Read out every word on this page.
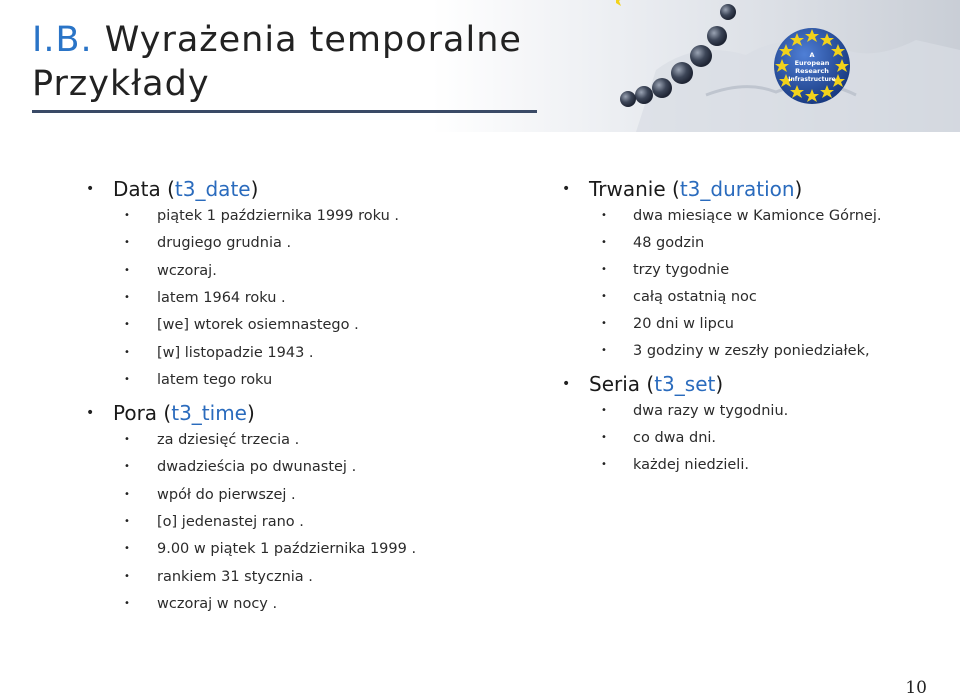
I.B. Wyrażenia temporalne
Przykłady
A
European
Research
Infrastructure
• Data (t3_date)
• piątek 1 października 1999 roku .
• drugiego grudnia .
• wczoraj.
• latem 1964 roku .
• [we] wtorek osiemnastego .
• [w] listopadzie 1943 .
• latem tego roku
• Pora (t3_time)
• za dziesięć trzecia .
• dwadzieścia po dwunastej .
• wpół do pierwszej .
• [o] jedenastej rano .
• 9.00 w piątek 1 października 1999 .
• rankiem 31 stycznia .
• wczoraj w nocy .
• Trwanie (t3_duration)
• dwa miesiące w Kamionce Górnej.
• 48 godzin
• trzy tygodnie
• całą ostatnią noc
• 20 dni w lipcu
• 3 godziny w zeszły poniedziałek,
• Seria (t3_set)
• dwa razy w tygodniu.
• co dwa dni.
• każdej niedzieli.
10
